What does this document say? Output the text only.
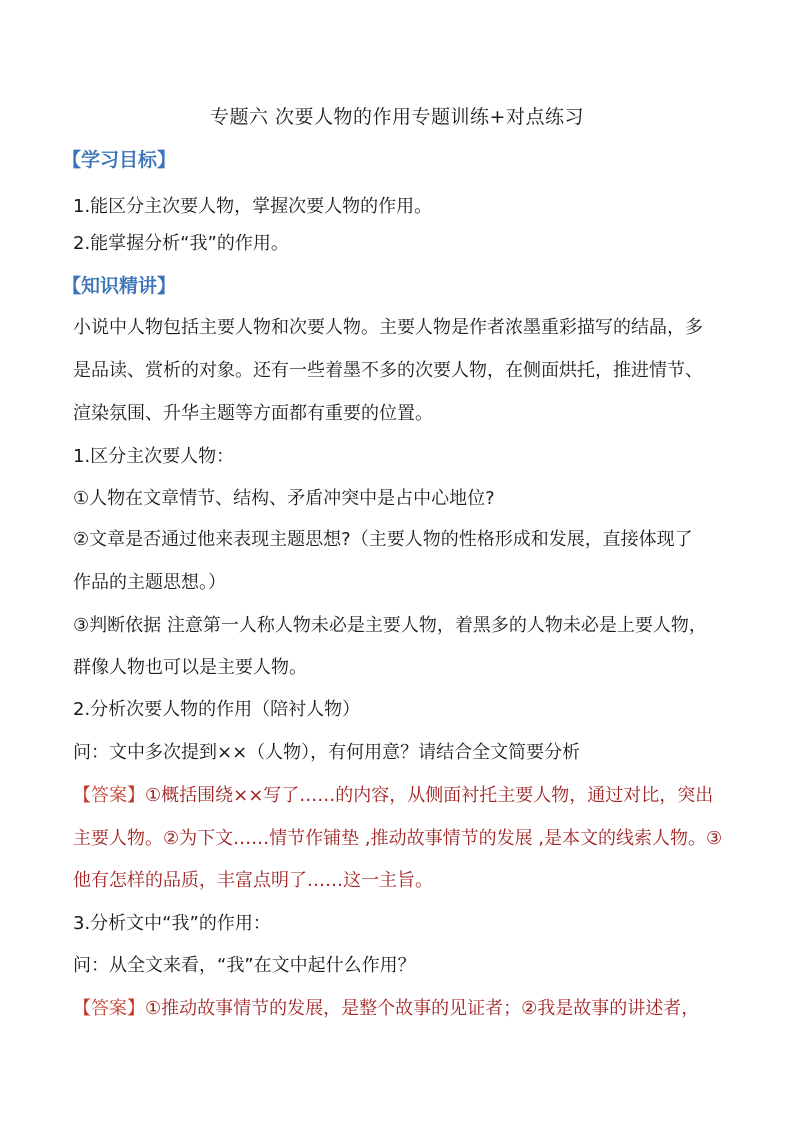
专题六 次要人物的作用专题训练+对点练习
【学习目标】
1.能区分主次要人物，掌握次要人物的作用。
2.能掌握分析“我”的作用。
【知识精讲】
小说中人物包括主要人物和次要人物。主要人物是作者浓墨重彩描写的结晶，多
是品读、赏析的对象。还有一些着墨不多的次要人物，在侧面烘托，推进情节、
渲染氛围、升华主题等方面都有重要的位置。
1.区分主次要人物：
①人物在文章情节、结构、矛盾冲突中是占中心地位?
②文章是否通过他来表现主题思想?（主要人物的性格形成和发展，直接体现了
作品的主题思想。）
③判断依据 注意第一人称人物未必是主要人物，着黑多的人物未必是上要人物，
群像人物也可以是主要人物。
2.分析次要人物的作用（陪衬人物）
问：文中多次提到××（人物），有何用意？请结合全文简要分析
【答案】①概括围绕××写了……的内容，从侧面衬托主要人物，通过对比，突出
主要人物。②为下文……情节作铺垫 ,推动故事情节的发展 ,是本文的线索人物。③
他有怎样的品质，丰富点明了……这一主旨。
3.分析文中“我”的作用：
问：从全文来看，“我”在文中起什么作用？
【答案】①推动故事情节的发展，是整个故事的见证者；②我是故事的讲述者，
